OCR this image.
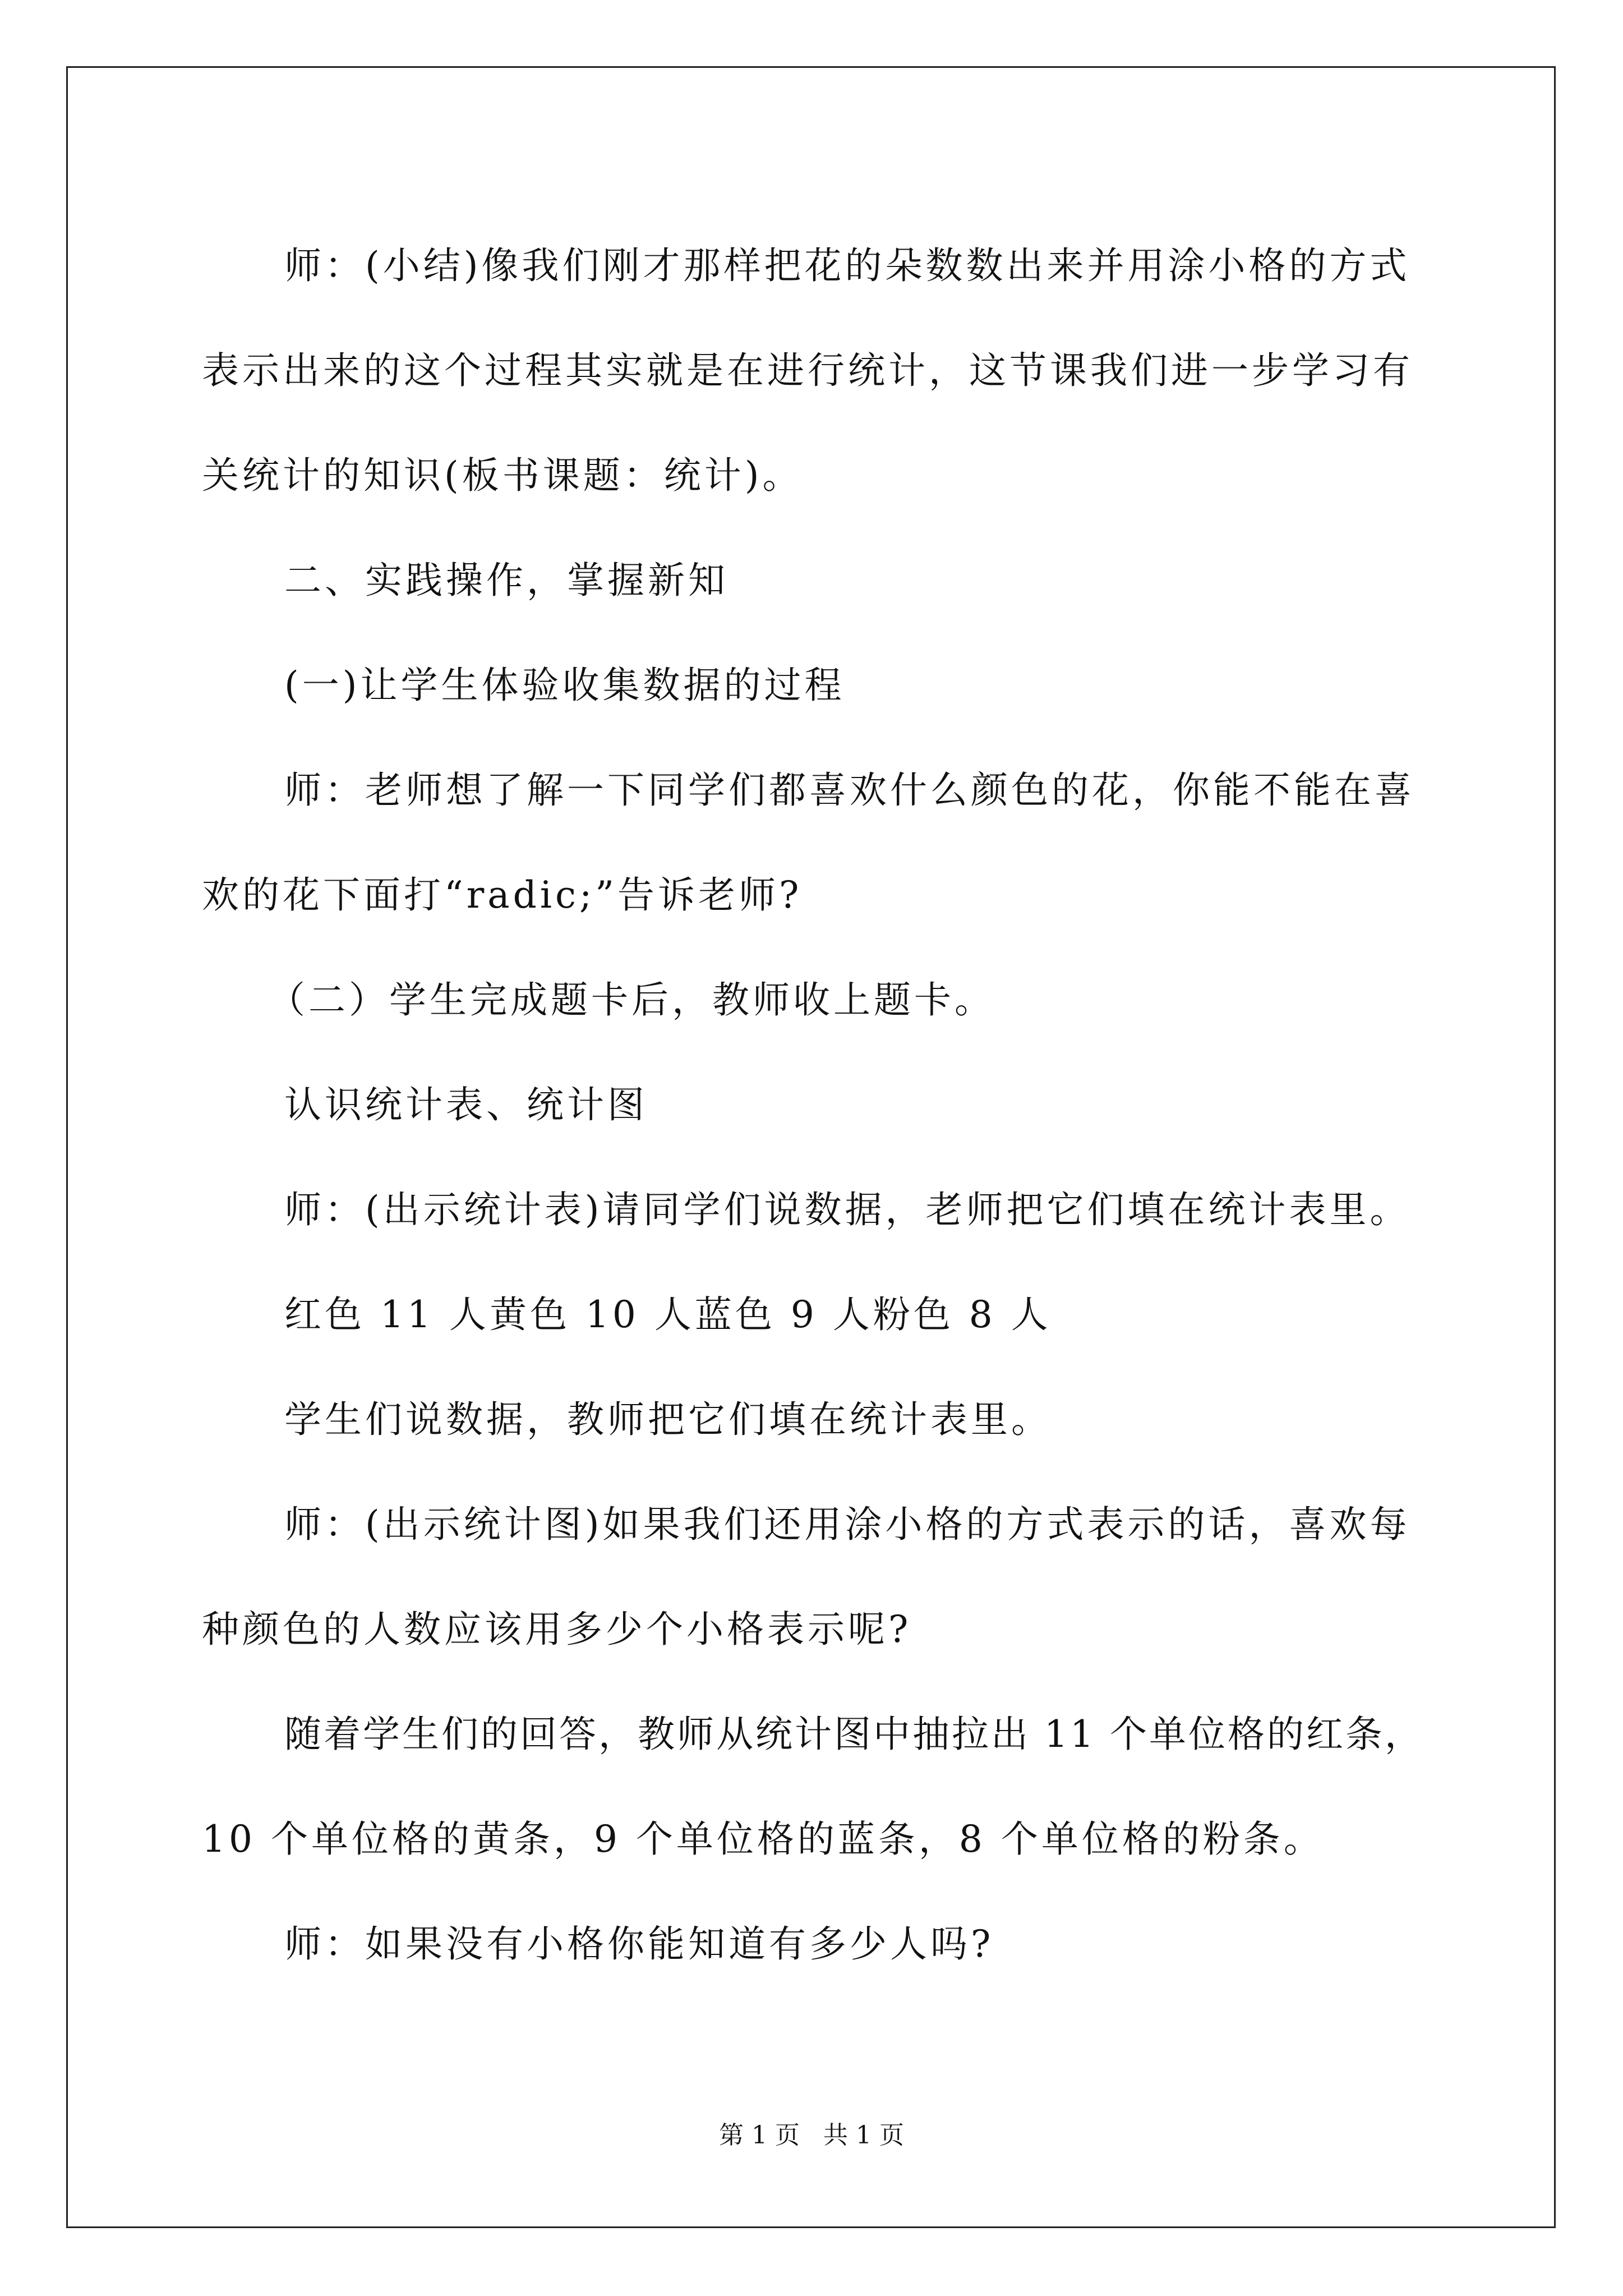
师：(小结)像我们刚才那样把花的朵数数出来并用涂小格的方式

表示出来的这个过程其实就是在进行统计，这节课我们进一步学习有

关统计的知识(板书课题：统计)。

二、实践操作，掌握新知

(一)让学生体验收集数据的过程

师：老师想了解一下同学们都喜欢什么颜色的花，你能不能在喜

欢的花下面打“radic;”告诉老师?

（二）学生完成题卡后，教师收上题卡。

认识统计表、统计图

师：(出示统计表)请同学们说数据，老师把它们填在统计表里。

红色 11 人黄色 10 人蓝色 9 人粉色 8 人

学生们说数据，教师把它们填在统计表里。

师：(出示统计图)如果我们还用涂小格的方式表示的话，喜欢每

种颜色的人数应该用多少个小格表示呢?

随着学生们的回答，教师从统计图中抽拉出 11 个单位格的红条，

10 个单位格的黄条，9 个单位格的蓝条，8 个单位格的粉条。

师：如果没有小格你能知道有多少人吗?

第 1 页   共 1 页
